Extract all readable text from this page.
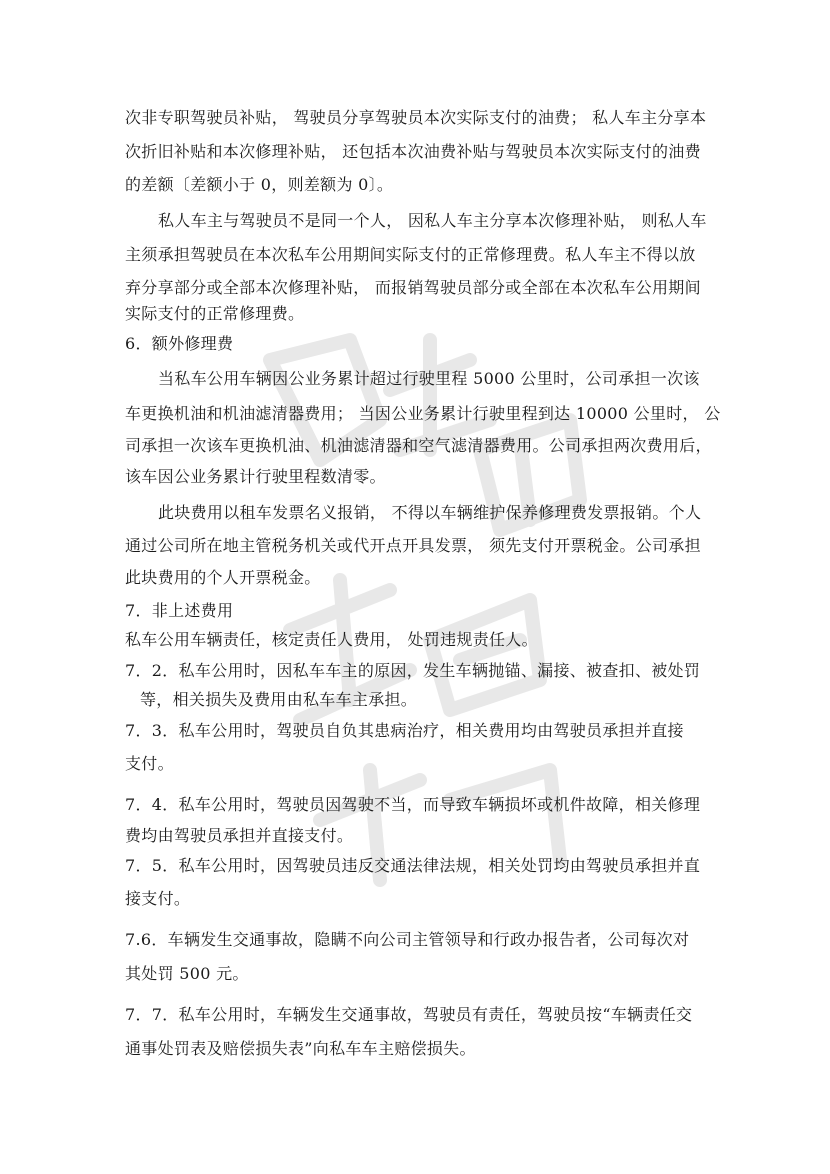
次非专职驾驶员补贴， 驾驶员分享驾驶员本次实际支付的油费； 私人车主分享本
次折旧补贴和本次修理补贴， 还包括本次油费补贴与驾驶员本次实际支付的油费
的差额〔差额小于 0，则差额为 0〕。
私人车主与驾驶员不是同一个人， 因私人车主分享本次修理补贴， 则私人车
主须承担驾驶员在本次私车公用期间实际支付的正常修理费。私人车主不得以放
弃分享部分或全部本次修理补贴， 而报销驾驶员部分或全部在本次私车公用期间
实际支付的正常修理费。
6．额外修理费
当私车公用车辆因公业务累计超过行驶里程 5000 公里时，公司承担一次该
车更换机油和机油滤清器费用； 当因公业务累计行驶里程到达 10000 公里时， 公
司承担一次该车更换机油、机油滤清器和空气滤清器费用。公司承担两次费用后，
该车因公业务累计行驶里程数清零。
此块费用以租车发票名义报销， 不得以车辆维护保养修理费发票报销。个人
通过公司所在地主管税务机关或代开点开具发票， 须先支付开票税金。公司承担
此块费用的个人开票税金。
7．非上述费用
私车公用车辆责任，核定责任人费用， 处罚违规责任人。
7．2．私车公用时，因私车车主的原因，发生车辆抛锚、漏接、被查扣、被处罚
等，相关损失及费用由私车车主承担。
7．3．私车公用时，驾驶员自负其患病治疗，相关费用均由驾驶员承担并直接
支付。
7．4．私车公用时，驾驶员因驾驶不当，而导致车辆损坏或机件故障，相关修理
费均由驾驶员承担并直接支付。
7．5．私车公用时，因驾驶员违反交通法律法规，相关处罚均由驾驶员承担并直
接支付。
7.6．车辆发生交通事故，隐瞒不向公司主管领导和行政办报告者，公司每次对
其处罚 500 元。
7．7．私车公用时，车辆发生交通事故，驾驶员有责任，驾驶员按“车辆责任交
通事处罚表及赔偿损失表”向私车车主赔偿损失。
